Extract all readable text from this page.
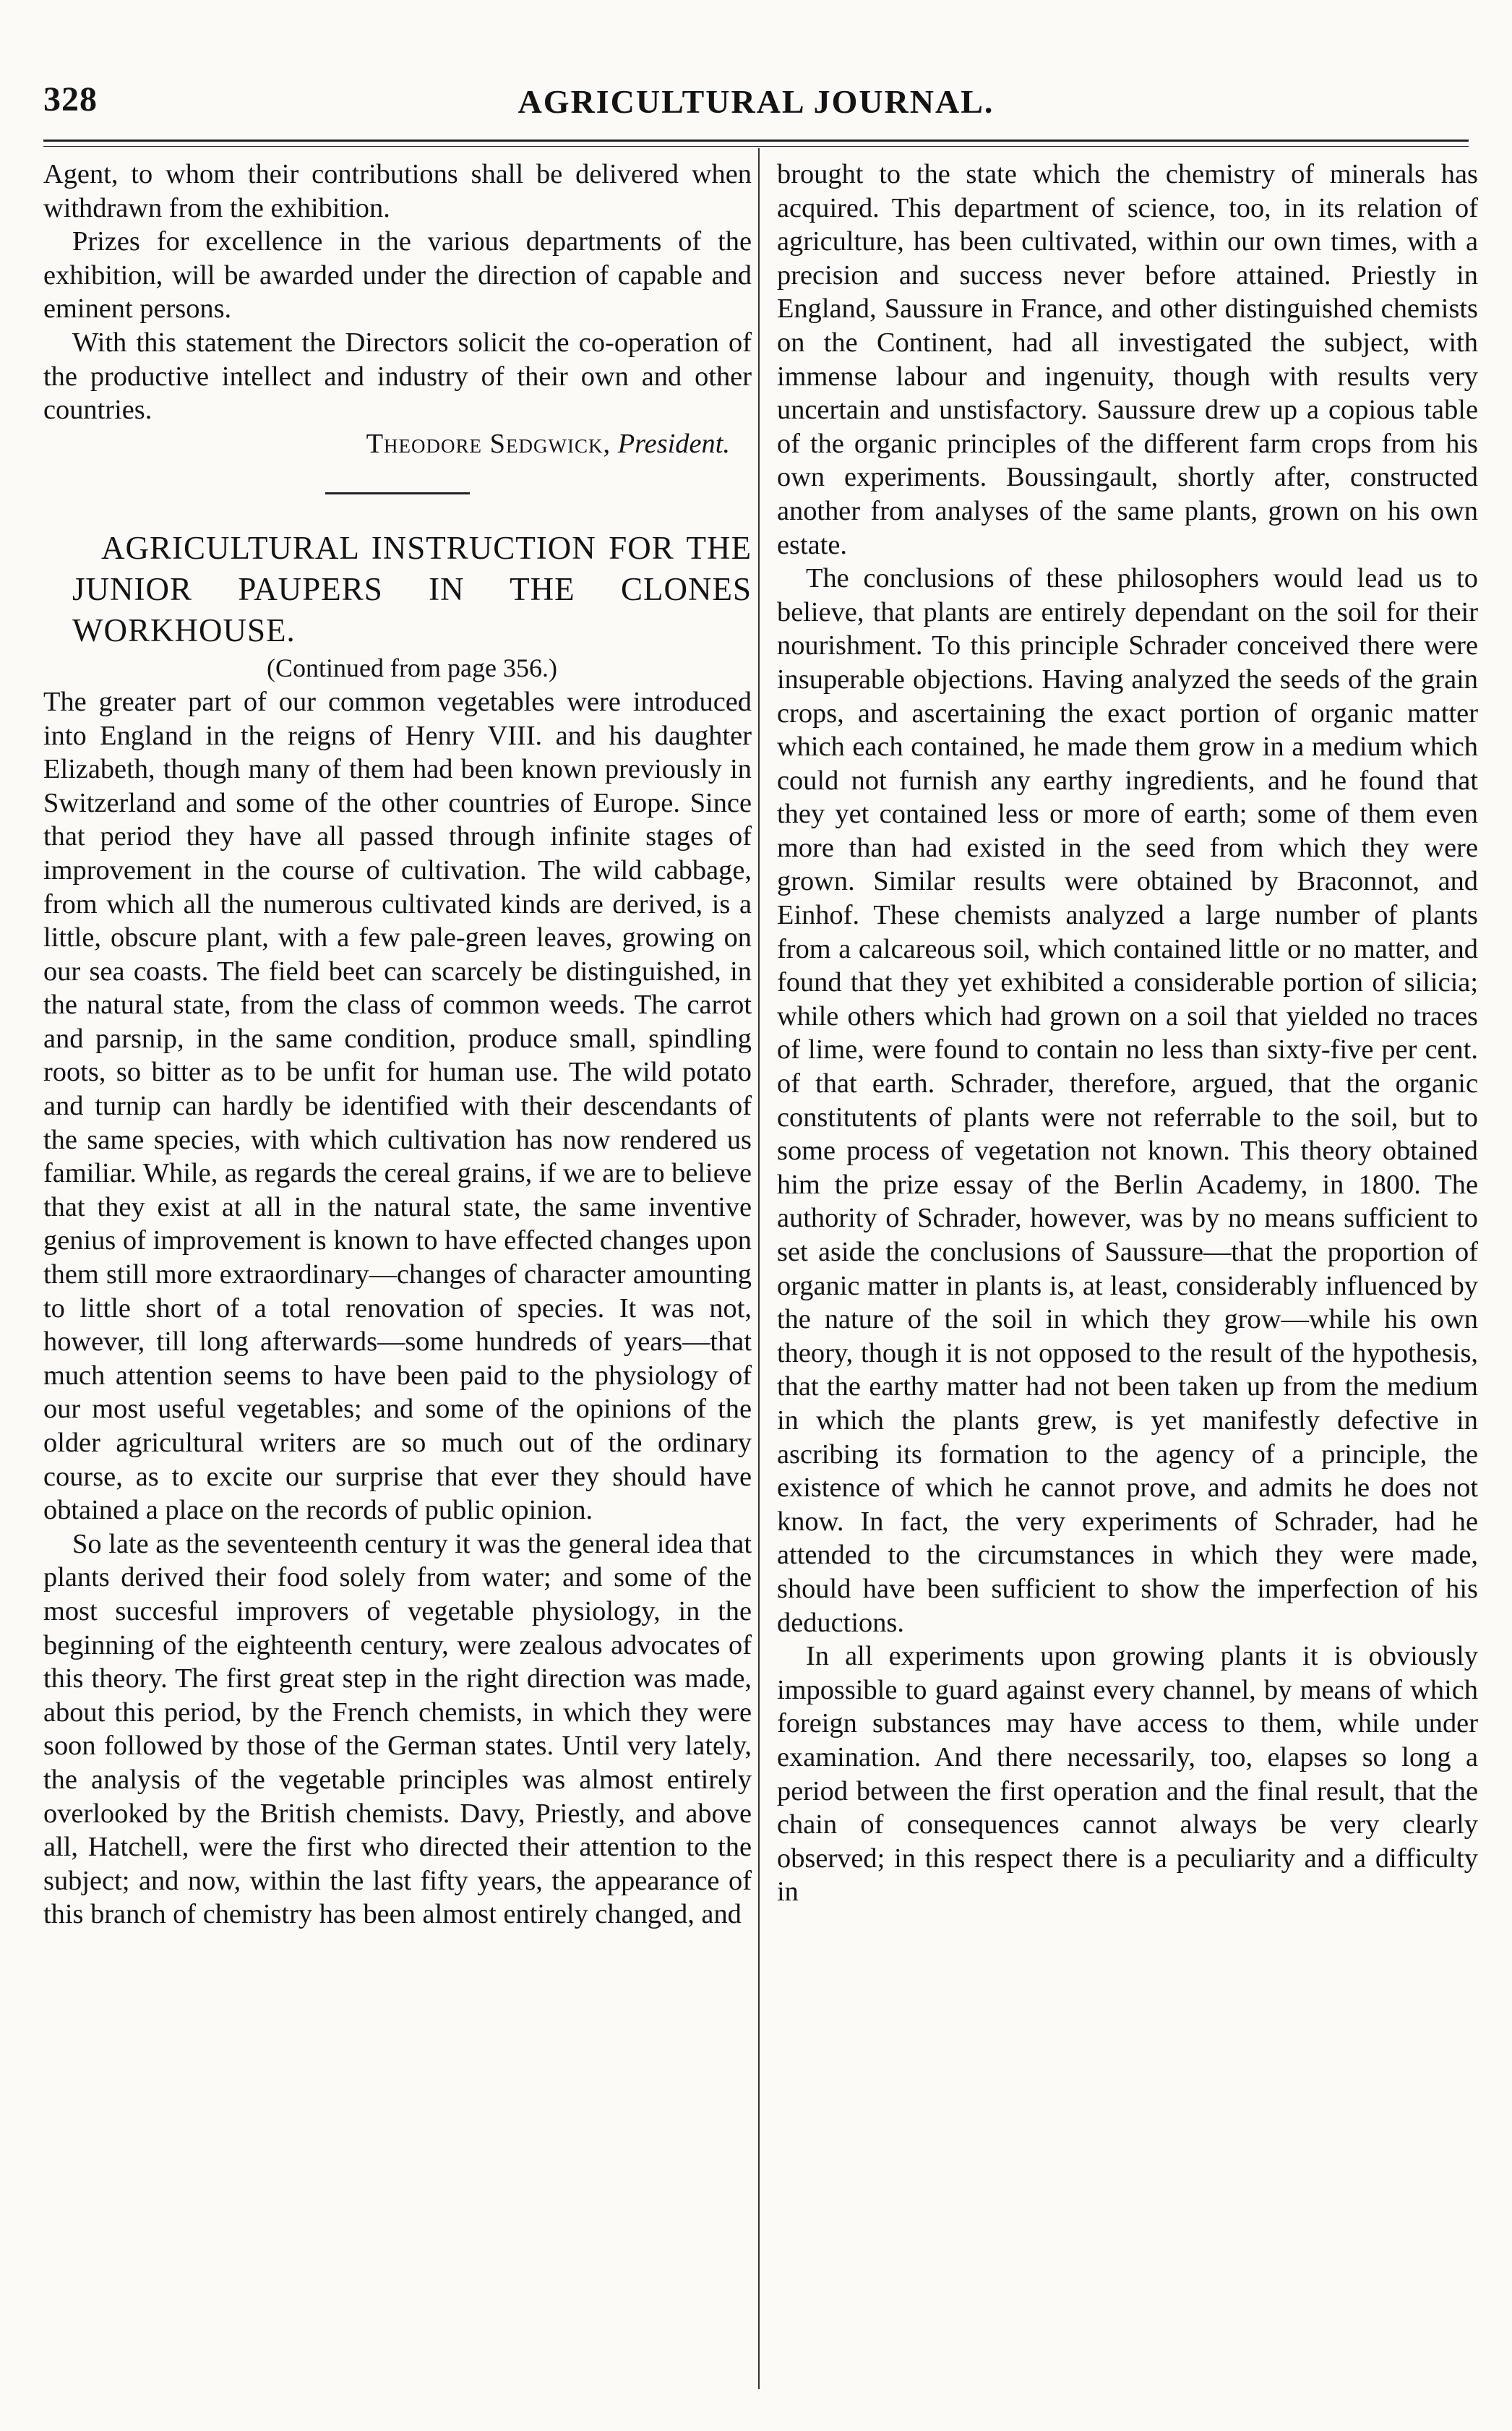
328	AGRICULTURAL JOURNAL.

Agent, to whom their contributions shall be delivered when withdrawn from the exhibition.

Prizes for excellence in the various departments of the exhibition, will be awarded under the direction of capable and eminent persons.

With this statement the Directors solicit the co-operation of the productive intellect and industry of their own and other countries.

Theodore Sedgwick, President.

AGRICULTURAL INSTRUCTION FOR THE JUNIOR PAUPERS IN THE CLONES WORKHOUSE.

(Continued from page 356.)

The greater part of our common vegetables were introduced into England in the reigns of Henry VIII. and his daughter Elizabeth, though many of them had been known previously in Switzerland and some of the other countries of Europe. Since that period they have all passed through infinite stages of improvement in the course of cultivation. The wild cabbage, from which all the numerous cultivated kinds are derived, is a little, obscure plant, with a few pale-green leaves, growing on our sea coasts. The field beet can scarcely be distinguished, in the natural state, from the class of common weeds. The carrot and parsnip, in the same condition, produce small, spindling roots, so bitter as to be unfit for human use. The wild potato and turnip can hardly be identified with their descendants of the same species, with which cultivation has now rendered us familiar. While, as regards the cereal grains, if we are to believe that they exist at all in the natural state, the same inventive genius of improvement is known to have effected changes upon them still more extraordinary—changes of character amounting to little short of a total renovation of species. It was not, however, till long afterwards—some hundreds of years—that much attention seems to have been paid to the physiology of our most useful vegetables; and some of the opinions of the older agricultural writers are so much out of the ordinary course, as to excite our surprise that ever they should have obtained a place on the records of public opinion.

So late as the seventeenth century it was the general idea that plants derived their food solely from water; and some of the most succesful improvers of vegetable physiology, in the beginning of the eighteenth century, were zealous advocates of this theory. The first great step in the right direction was made, about this period, by the French chemists, in which they were soon followed by those of the German states. Until very lately, the analysis of the vegetable principles was almost entirely overlooked by the British chemists. Davy, Priestly, and above all, Hatchell, were the first who directed their attention to the subject; and now, within the last fifty years, the appearance of this branch of chemistry has been almost entirely changed, and

brought to the state which the chemistry of minerals has acquired. This department of science, too, in its relation of agriculture, has been cultivated, within our own times, with a precision and success never before attained. Priestly in England, Saussure in France, and other distinguished chemists on the Continent, had all investigated the subject, with immense labour and ingenuity, though with results very uncertain and unstisfactory. Saussure drew up a copious table of the organic principles of the different farm crops from his own experiments. Boussingault, shortly after, constructed another from analyses of the same plants, grown on his own estate.

The conclusions of these philosophers would lead us to believe, that plants are entirely dependant on the soil for their nourishment. To this principle Schrader conceived there were insuperable objections. Having analyzed the seeds of the grain crops, and ascertaining the exact portion of organic matter which each contained, he made them grow in a medium which could not furnish any earthy ingredients, and he found that they yet contained less or more of earth; some of them even more than had existed in the seed from which they were grown. Similar results were obtained by Braconnot, and Einhof. These chemists analyzed a large number of plants from a calcareous soil, which contained little or no matter, and found that they yet exhibited a considerable portion of silicia; while others which had grown on a soil that yielded no traces of lime, were found to contain no less than sixty-five per cent. of that earth. Schrader, therefore, argued, that the organic constitutents of plants were not referrable to the soil, but to some process of vegetation not known. This theory obtained him the prize essay of the Berlin Academy, in 1800. The authority of Schrader, however, was by no means sufficient to set aside the conclusions of Saussure—that the proportion of organic matter in plants is, at least, considerably influenced by the nature of the soil in which they grow—while his own theory, though it is not opposed to the result of the hypothesis, that the earthy matter had not been taken up from the medium in which the plants grew, is yet manifestly defective in ascribing its formation to the agency of a principle, the existence of which he cannot prove, and admits he does not know. In fact, the very experiments of Schrader, had he attended to the circumstances in which they were made, should have been sufficient to show the imperfection of his deductions.

In all experiments upon growing plants it is obviously impossible to guard against every channel, by means of which foreign substances may have access to them, while under examination. And there necessarily, too, elapses so long a period between the first operation and the final result, that the chain of consequences cannot always be very clearly observed; in this respect there is a peculiarity and a difficulty in
